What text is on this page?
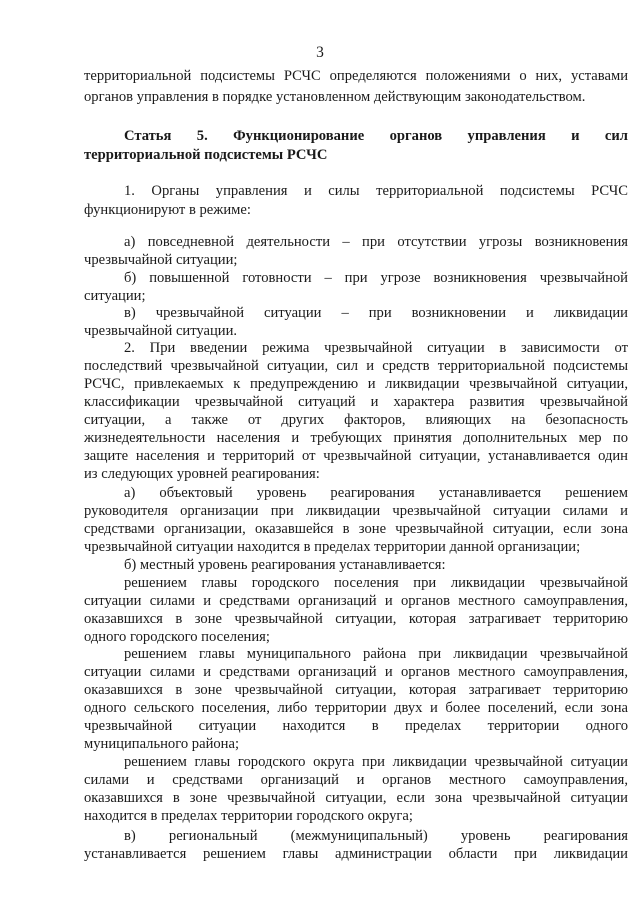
3
территориальной подсистемы РСЧС определяются положениями о них, уставами
органов управления в порядке установленном действующим законодательством.
Статья 5. Функционирование органов управления и сил
территориальной подсистемы РСЧС
1. Органы управления и силы территориальной подсистемы РСЧС
функционируют в режиме:
а) повседневной деятельности – при отсутствии угрозы возникновения
чрезвычайной ситуации;
б) повышенной готовности – при угрозе возникновения чрезвычайной
ситуации;
в) чрезвычайной ситуации – при возникновении и ликвидации
чрезвычайной ситуации.
2. При введении режима чрезвычайной ситуации в зависимости от
последствий чрезвычайной ситуации, сил и средств территориальной подсистемы
РСЧС, привлекаемых к предупреждению и ликвидации чрезвычайной ситуации,
классификации чрезвычайной ситуаций и характера развития чрезвычайной
ситуации, а также от других факторов, влияющих на безопасность
жизнедеятельности населения и требующих принятия дополнительных мер по
защите населения и территорий от чрезвычайной ситуации, устанавливается один
из следующих уровней реагирования:
а) объектовый уровень реагирования устанавливается решением
руководителя организации при ликвидации чрезвычайной ситуации силами и
средствами организации, оказавшейся в зоне чрезвычайной ситуации, если зона
чрезвычайной ситуации находится в пределах территории данной организации;
б) местный уровень реагирования устанавливается:
решением главы городского поселения при ликвидации чрезвычайной
ситуации силами и средствами организаций и органов местного самоуправления,
оказавшихся в зоне чрезвычайной ситуации, которая затрагивает территорию
одного городского поселения;
решением главы муниципального района при ликвидации чрезвычайной
ситуации силами и средствами организаций и органов местного самоуправления,
оказавшихся в зоне чрезвычайной ситуации, которая затрагивает территорию
одного сельского поселения, либо территории двух и более поселений, если зона
чрезвычайной ситуации находится в пределах территории одного
муниципального района;
решением главы городского округа при ликвидации чрезвычайной ситуации
силами и средствами организаций и органов местного самоуправления,
оказавшихся в зоне чрезвычайной ситуации, если зона чрезвычайной ситуации
находится в пределах территории городского округа;
в) региональный (межмуниципальный) уровень реагирования
устанавливается решением главы администрации области при ликвидации
